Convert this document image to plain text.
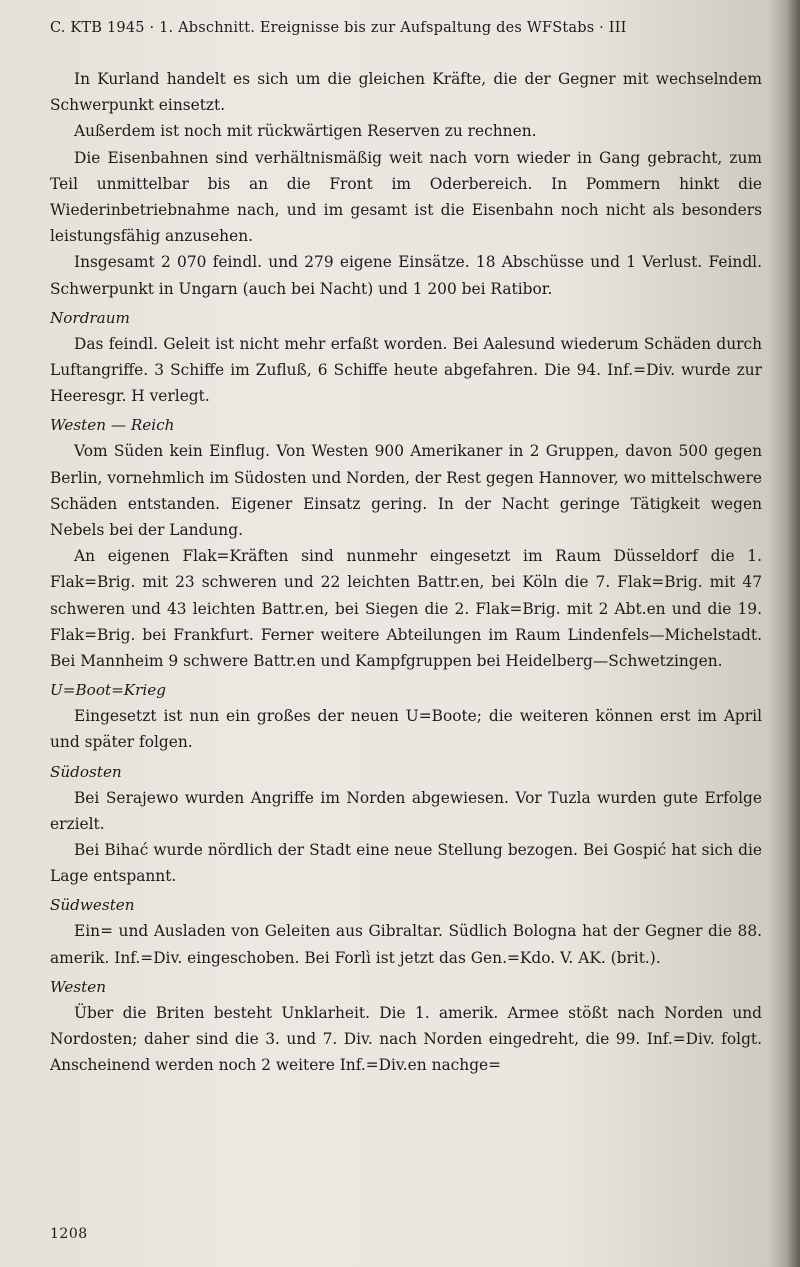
C. KTB 1945 · 1. Abschnitt. Ereignisse bis zur Aufspaltung des WFStabs · III

In Kurland handelt es sich um die gleichen Kräfte, die der Gegner mit wechselndem Schwerpunkt einsetzt.

Außerdem ist noch mit rückwärtigen Reserven zu rechnen.

Die Eisenbahnen sind verhältnismäßig weit nach vorn wieder in Gang gebracht, zum Teil unmittelbar bis an die Front im Oderbereich. In Pommern hinkt die Wiederinbetriebnahme nach, und im gesamt ist die Eisenbahn noch nicht als besonders leistungsfähig anzusehen.

Insgesamt 2 070 feindl. und 279 eigene Einsätze. 18 Abschüsse und 1 Verlust. Feindl. Schwerpunkt in Ungarn (auch bei Nacht) und 1 200 bei Ratibor.

Nordraum

Das feindl. Geleit ist nicht mehr erfaßt worden. Bei Aalesund wiederum Schäden durch Luftangriffe. 3 Schiffe im Zufluß, 6 Schiffe heute abgefahren. Die 94. Inf.=Div. wurde zur Heeresgr. H verlegt.

Westen — Reich

Vom Süden kein Einflug. Von Westen 900 Amerikaner in 2 Gruppen, davon 500 gegen Berlin, vornehmlich im Südosten und Norden, der Rest gegen Hannover, wo mittelschwere Schäden entstanden. Eigener Einsatz gering. In der Nacht geringe Tätigkeit wegen Nebels bei der Landung.

An eigenen Flak=Kräften sind nunmehr eingesetzt im Raum Düsseldorf die 1. Flak=Brig. mit 23 schweren und 22 leichten Battr.en, bei Köln die 7. Flak=Brig. mit 47 schweren und 43 leichten Battr.en, bei Siegen die 2. Flak=Brig. mit 2 Abt.en und die 19. Flak=Brig. bei Frankfurt. Ferner weitere Abteilungen im Raum Lindenfels—Michelstadt. Bei Mannheim 9 schwere Battr.en und Kampfgruppen bei Heidelberg—Schwetzingen.

U=Boot=Krieg

Eingesetzt ist nun ein großes der neuen U=Boote; die weiteren können erst im April und später folgen.

Südosten

Bei Serajewo wurden Angriffe im Norden abgewiesen. Vor Tuzla wurden gute Erfolge erzielt.

Bei Bihać wurde nördlich der Stadt eine neue Stellung bezogen. Bei Gospić hat sich die Lage entspannt.

Südwesten

Ein= und Ausladen von Geleiten aus Gibraltar. Südlich Bologna hat der Gegner die 88. amerik. Inf.=Div. eingeschoben. Bei Forlì ist jetzt das Gen.=Kdo. V. AK. (brit.).

Westen

Über die Briten besteht Unklarheit. Die 1. amerik. Armee stößt nach Norden und Nordosten; daher sind die 3. und 7. Div. nach Norden eingedreht, die 99. Inf.=Div. folgt. Anscheinend werden noch 2 weitere Inf.=Div.en nachge=

1208
